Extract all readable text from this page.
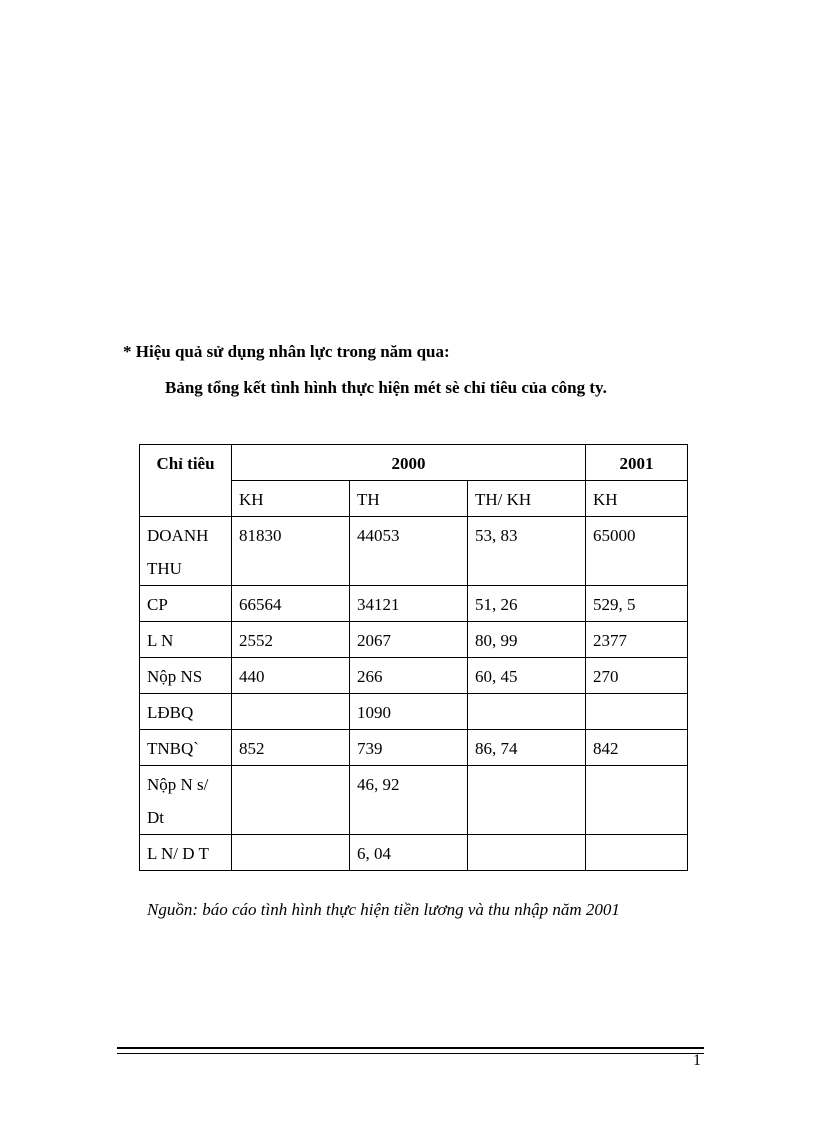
* Hiệu quả sử dụng nhân lực trong năm qua:
Bảng tổng kết tình hình thực hiện mét sè chỉ tiêu của công ty.
Chỉ tiêu	2000			2001
	KH	TH	TH/ KH	KH
DOANH THU	81830	44053	53, 83	65000
CP	66564	34121	51, 26	529, 5
L N	2552	2067	80, 99	2377
Nộp NS	440	266	60, 45	270
LĐBQ		1090		
TNBQ`	852	739	86, 74	842
Nộp N s/ Dt		46, 92		
L N/ D T		6, 04		
Nguồn: báo cáo tình hình thực hiện tiền lương và thu nhập năm 2001
1
